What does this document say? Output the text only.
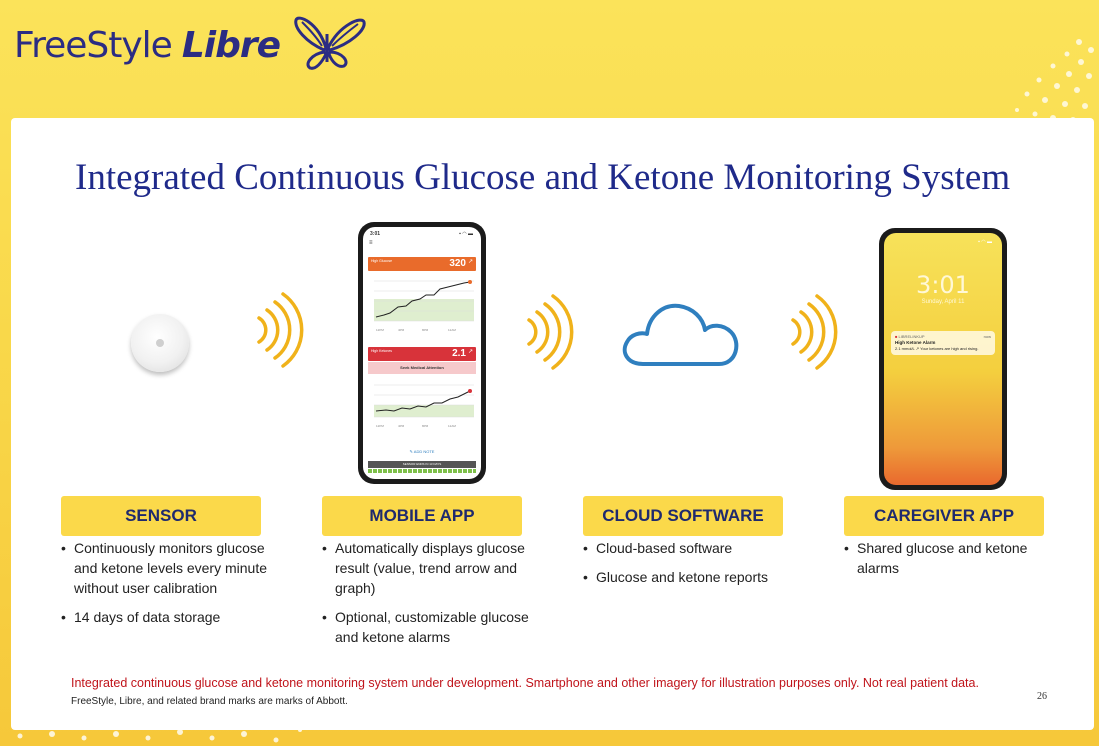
FreeStyle Libre
Integrated Continuous Glucose and Ketone Monitoring System
3:01	▪ ◠ ▬
≡
High Glucose	320 ↗
12PM	4PM	8PM	12AM
High Ketones	2.1 ↗
Seek Medical Attention
12PM	4PM	8PM	12AM
✎ ADD NOTE
SENSOR ENDS IN 13 DAYS
▪ ◠ ▬
3:01
Sunday, April 11
■ LIBRELINKUP	now
High Ketone Alarm
2.1 mmol/L ↗ Your ketones are high and rising.
SENSOR	MOBILE APP	CLOUD SOFTWARE	CAREGIVER APP
• Continuously monitors glucose and ketone levels every minute without user calibration
• 14 days of data storage
• Automatically displays glucose result (value, trend arrow and graph)
• Optional, customizable glucose and ketone alarms
• Cloud-based software
• Glucose and ketone reports
• Shared glucose and ketone alarms
Integrated continuous glucose and ketone monitoring system under development. Smartphone and other imagery for illustration purposes only. Not real patient data.
FreeStyle, Libre, and related brand marks are marks of Abbott.	26
